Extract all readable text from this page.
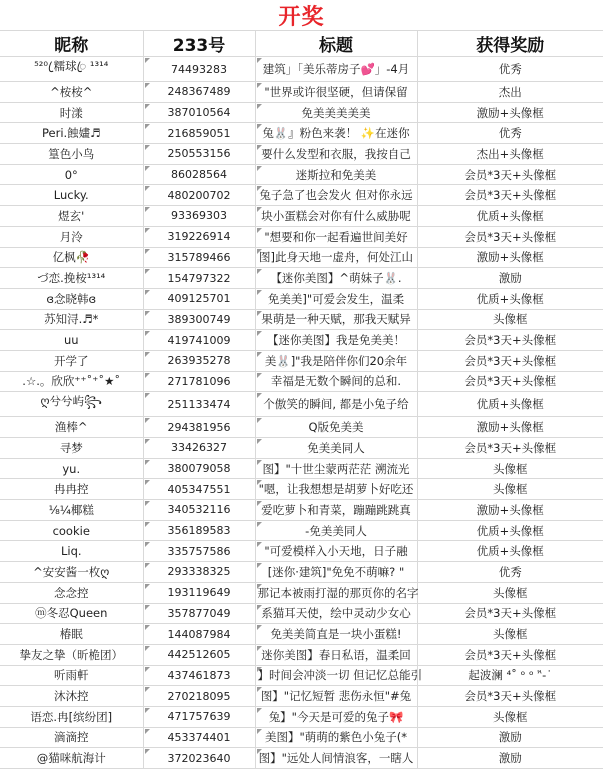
开奖
昵称	233号	标题	获得奖励
⁵²⁰ ꦿ糯球ꦿ ¹³¹⁴	74493283	建筑」「美乐蒂房子💕」-4月	优秀
^桉桉^	248367489	"世界或许很坚硬，但请保留	杰出
时漾	387010564	免美美美美美	激励+头像框
Peri.蝕嫿♬	216859051	兔🐰』粉色来袭！ ✨在迷你	优秀
篁色小鸟	250553156	要什么发型和衣服，我按自己	杰出+头像框
0°	86028564	迷斯拉和免美美	会员*3天+头像框
Lucky.	480200702	兔子急了也会发火 但对你永远	会员*3天+头像框
煜玄'	93369303	块小蛋糕会对你有什么威胁呢	优质+头像框
月泠	319226914	"想要和你一起看遍世间美好	会员*3天+头像框
亿枫🥀	315789466	图]此身天地一虚舟，何处江山	激励+头像框
づ恋.挽桉¹³¹⁴	154797322	【迷你美图】^萌妹子🐰.	激励
ɞ念晓韩ɞ	409125701	免美美]"可爱会发生，温柔	优质+头像框
苏知浔.♬*	389300749	果萌是一种天赋，那我天赋异	头像框
uu	419741009	【迷你美图】我是免美美！	会员*3天+头像框
开学了	263935278	美🐰]"我是陪伴你们20余年	会员*3天+头像框
.☆.。欣欣⁺⁺˚⁺˚★˚	271781096	幸福是无数个瞬间的总和.	会员*3天+头像框
ღ兮兮屿꧂	251133474	个傲笑的瞬间, 都是小兔子给	优质+头像框
渔棒^	294381956	Q版免美美	激励+头像框
寻梦	33426327	免美美同人	会员*3天+头像框
yu.	380079058	图】"十世尘蒙两茫茫 溯流光	头像框
冉冉控	405347551	"嗯，让我想想是胡萝卜好吃还	头像框
⅛¼椰糕	340532116	爱吃萝卜和青菜，蹦蹦跳跳真	激励+头像框
cookie	356189583	-免美美同人	优质+头像框
Liq.	335757586	"可爱模样入小天地，日子融	优质+头像框
^安安酱一枚ღ	293338325	[迷你·建筑]"免免不萌嘛? "	优秀
念念控	193119649	那记本被雨打湿的那页你的名字	头像框
ⓜ冬忍Queen	357877049	系猫耳天使，绘中灵动少女心	会员*3天+头像框
椿眠	144087984	免美美简直是一块小蛋糕!	头像框
挚友之挚（昕桅团）	442512605	迷你美图】春日私语，温柔回	会员*3天+头像框
听雨軒	437461873	】时间会冲淡一切 但记忆总能引	起波澜 ⁴˚ ᵒ ᵒ ᵔ̈-˙
沐沐控	270218095	图】"记忆短暂 悲伤永恒"#兔	会员*3天+头像框
语恋.冉[缤纷团]	471757639	兔】"今天是可爱的兔子🎀	头像框
滴滴控	453374401	美图】"萌萌的紫色小兔子(*	激励
@猫咪航海计	372023640	图】"远处人间情浪客，一瞎人	激励
